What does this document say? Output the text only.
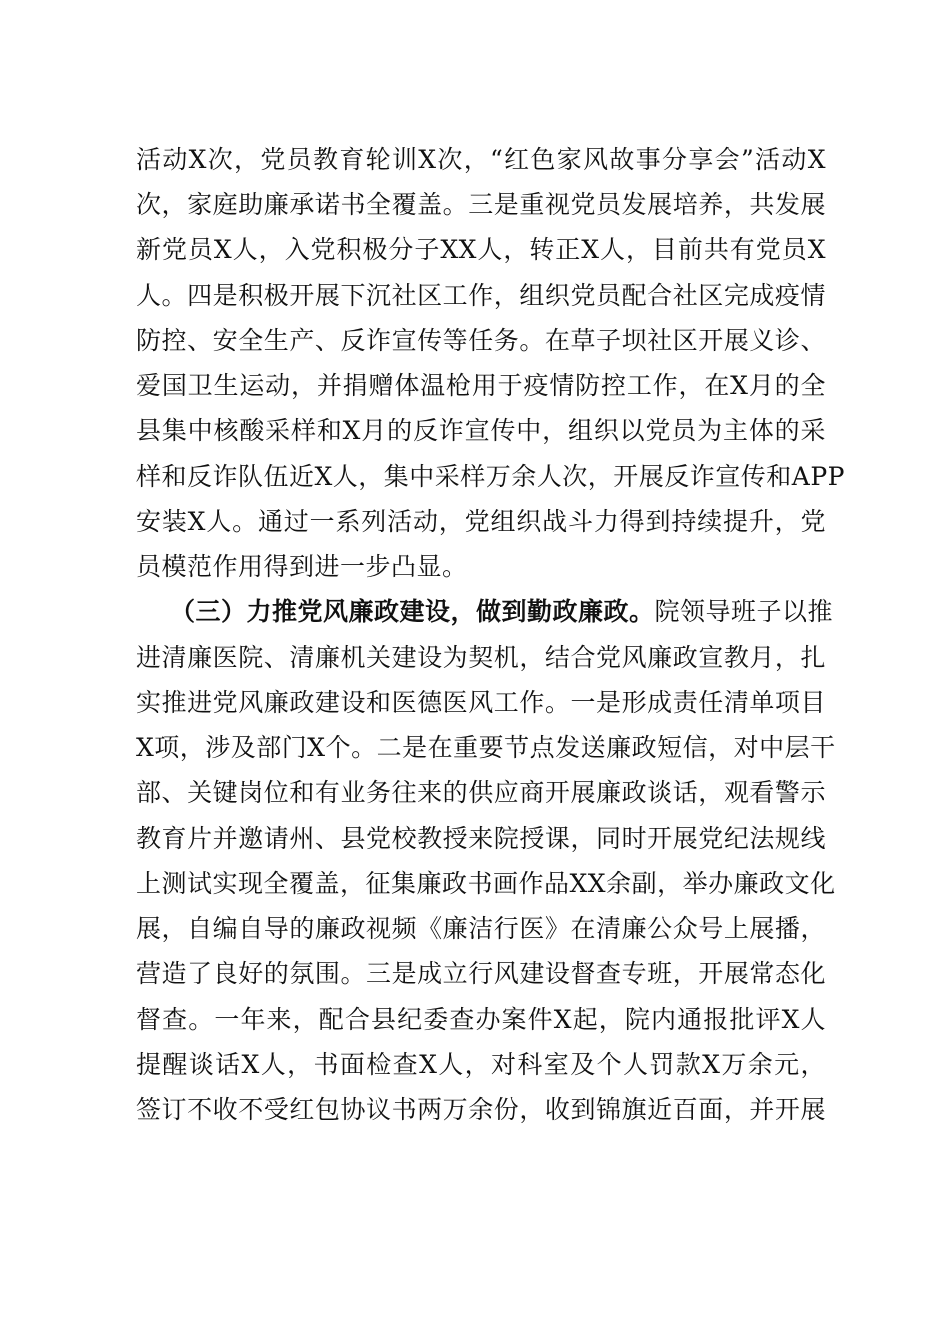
活动X次，党员教育轮训X次，“红色家风故事分享会”活动X
次，家庭助廉承诺书全覆盖。三是重视党员发展培养，共发展
新党员X人，入党积极分子XX人，转正X人，目前共有党员X
人。四是积极开展下沉社区工作，组织党员配合社区完成疫情
防控、安全生产、反诈宣传等任务。在草子坝社区开展义诊、
爱国卫生运动，并捐赠体温枪用于疫情防控工作，在X月的全
县集中核酸采样和X月的反诈宣传中，组织以党员为主体的采
样和反诈队伍近X人，集中采样万余人次，开展反诈宣传和APP
安装X人。通过一系列活动，党组织战斗力得到持续提升，党
员模范作用得到进一步凸显。
（三）力推党风廉政建设，做到勤政廉政。院领导班子以推
进清廉医院、清廉机关建设为契机，结合党风廉政宣教月，扎
实推进党风廉政建设和医德医风工作。一是形成责任清单项目
X项，涉及部门X个。二是在重要节点发送廉政短信，对中层干
部、关键岗位和有业务往来的供应商开展廉政谈话，观看警示
教育片并邀请州、县党校教授来院授课，同时开展党纪法规线
上测试实现全覆盖，征集廉政书画作品XX余副，举办廉政文化
展，自编自导的廉政视频《廉洁行医》在清廉公众号上展播，
营造了良好的氛围。三是成立行风建设督查专班，开展常态化
督查。一年来，配合县纪委查办案件X起，院内通报批评X人
提醒谈话X人，书面检查X人，对科室及个人罚款X万余元，
签订不收不受红包协议书两万余份，收到锦旗近百面，并开展
